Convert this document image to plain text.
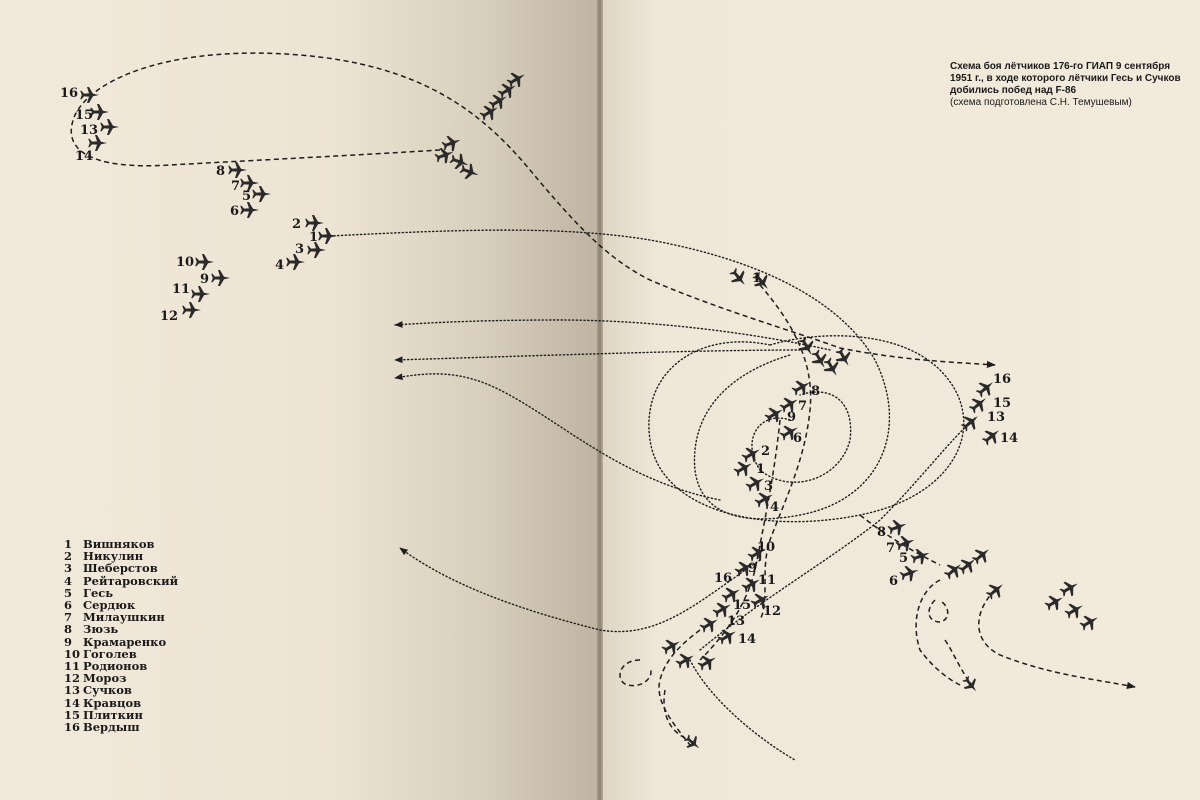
16
15
13
14
8
7
5
6
2
1
3
4
10
9
11
12
1
8
7
9
6
2
1
3
4
16
15
13
14
10
9
16 11
15 12
13
14
8
7
5
6
Схема боя лётчиков 176-го ГИАП 9 сентября 1951 г., в ходе которого лётчики Гесь и Сучков добились побед над F-86
(схема подготовлена С.Н. Темушевым)
1 Вишняков
2 Никулин
3 Шеберстов
4 Рейтаровский
5 Гесь
6 Сердюк
7 Милаушкин
8 Зюзь
9 Крамаренко
10 Гоголев
11 Родионов
12 Мороз
13 Сучков
14 Кравцов
15 Плиткин
16 Вердыш
